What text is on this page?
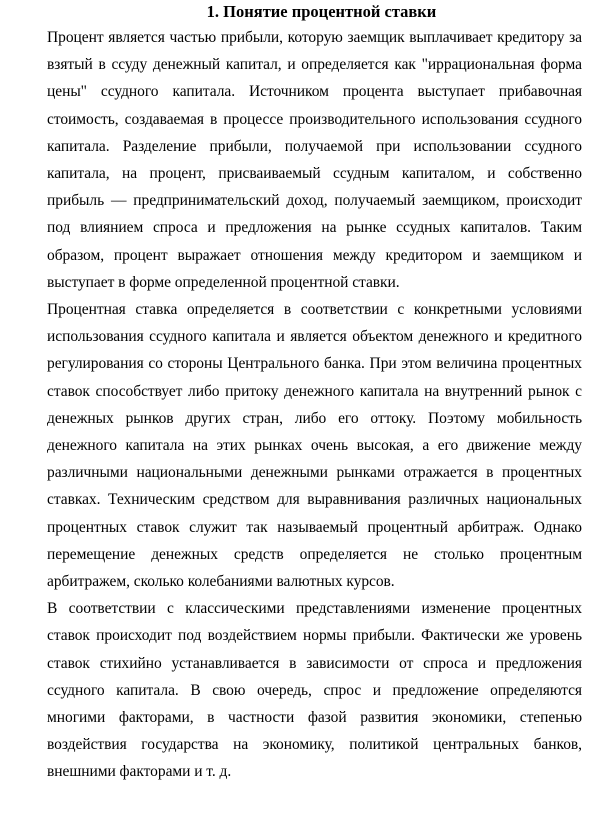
1. Понятие процентной ставки

Процент является частью прибыли, которую заемщик выплачивает кредитору за взятый в ссуду денежный капитал, и определяется как "иррациональная форма цены" ссудного капитала. Источником процента выступает прибавочная стоимость, создаваемая в процессе производительного использования ссудного капитала. Разделение прибыли, получаемой при использовании ссудного капитала, на процент, присваиваемый ссудным капиталом, и собственно прибыль — предпринимательский доход, получаемый заемщиком, происходит под влиянием спроса и предложения на рынке ссудных капиталов. Таким образом, процент выражает отношения между кредитором и заемщиком и выступает в форме определенной процентной ставки.

Процентная ставка определяется в соответствии с конкретными условиями использования ссудного капитала и является объектом денежного и кредитного регулирования со стороны Центрального банка. При этом величина процентных ставок способствует либо притоку денежного капитала на внутренний рынок с денежных рынков других стран, либо его оттоку. Поэтому мобильность денежного капитала на этих рынках очень высокая, а его движение между различными национальными денежными рынками отражается в процентных ставках. Техническим средством для выравнивания различных национальных процентных ставок служит так называемый процентный арбитраж. Однако перемещение денежных средств определяется не столько процентным арбитражем, сколько колебаниями валютных курсов.

В соответствии с классическими представлениями изменение процентных ставок происходит под воздействием нормы прибыли. Фактически же уровень ставок стихийно устанавливается в зависимости от спроса и предложения ссудного капитала. В свою очередь, спрос и предложение определяются многими факторами, в частности фазой развития экономики, степенью воздействия государства на экономику, политикой центральных банков, внешними факторами и т. д.
